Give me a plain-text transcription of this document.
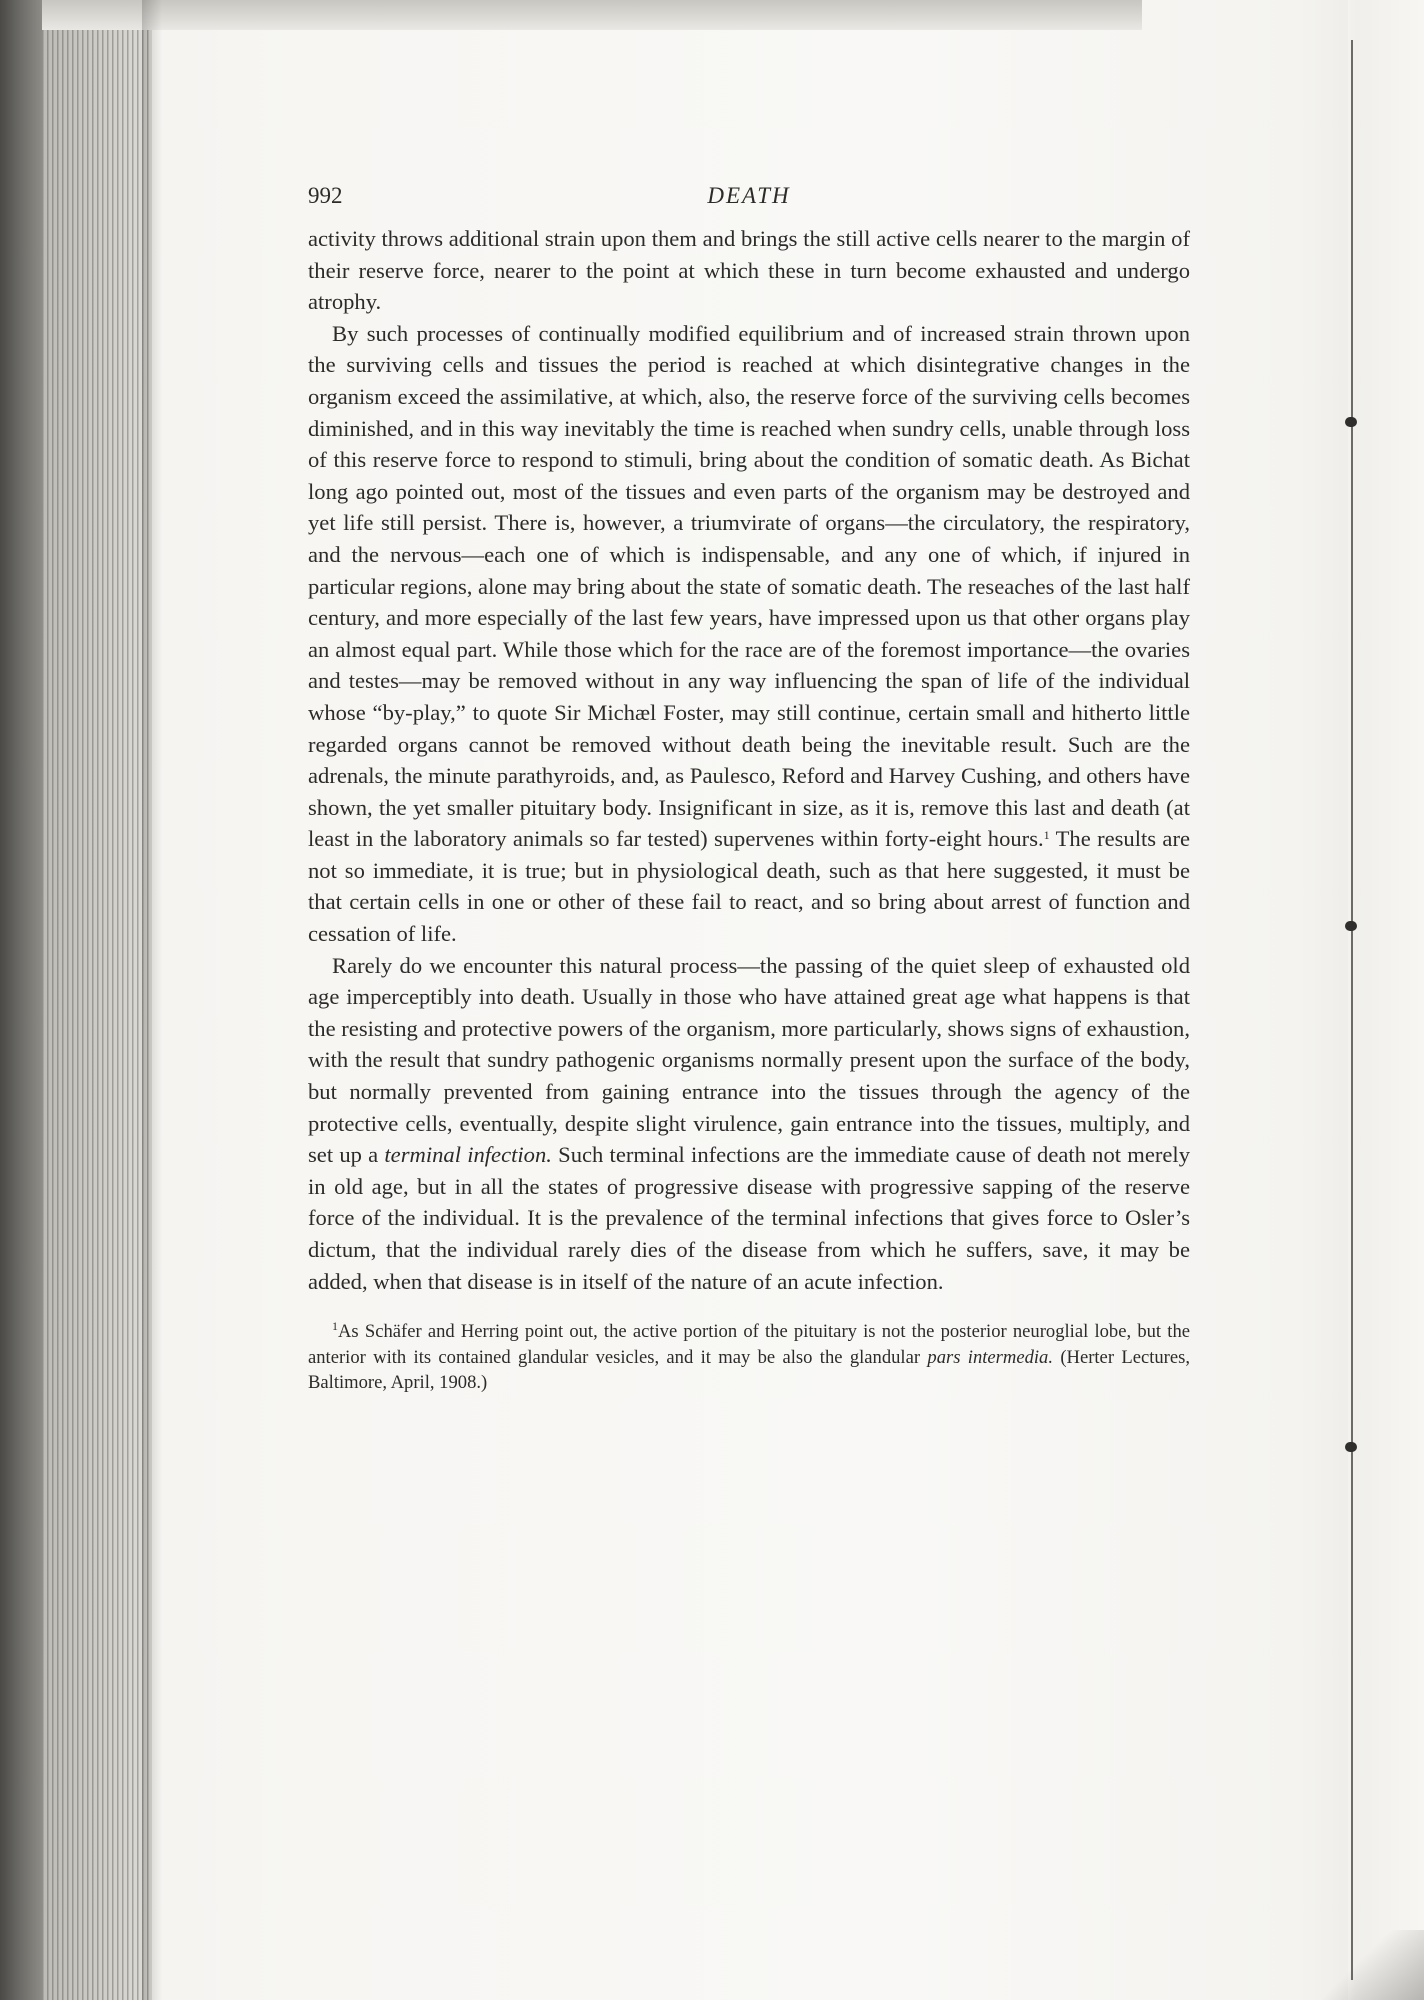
992	DEATH

activity throws additional strain upon them and brings the still active cells nearer to the margin of their reserve force, nearer to the point at which these in turn become exhausted and undergo atrophy.

By such processes of continually modified equilibrium and of increased strain thrown upon the surviving cells and tissues the period is reached at which disintegrative changes in the organism exceed the assimilative, at which, also, the reserve force of the surviving cells becomes diminished, and in this way inevitably the time is reached when sundry cells, unable through loss of this reserve force to respond to stimuli, bring about the condition of somatic death. As Bichat long ago pointed out, most of the tissues and even parts of the organism may be destroyed and yet life still persist. There is, however, a triumvirate of organs—the circulatory, the respiratory, and the nervous—each one of which is indispensable, and any one of which, if injured in particular regions, alone may bring about the state of somatic death. The reseaches of the last half century, and more especially of the last few years, have impressed upon us that other organs play an almost equal part. While those which for the race are of the foremost importance—the ovaries and testes—may be removed without in any way influencing the span of life of the individual whose “by-play,” to quote Sir Michæl Foster, may still continue, certain small and hitherto little regarded organs cannot be removed without death being the inevitable result. Such are the adrenals, the minute parathyroids, and, as Paulesco, Reford and Harvey Cushing, and others have shown, the yet smaller pituitary body. Insignificant in size, as it is, remove this last and death (at least in the laboratory animals so far tested) supervenes within forty-eight hours.$^1$ The results are not so immediate, it is true; but in physiological death, such as that here suggested, it must be that certain cells in one or other of these fail to react, and so bring about arrest of function and cessation of life.

Rarely do we encounter this natural process—the passing of the quiet sleep of exhausted old age imperceptibly into death. Usually in those who have attained great age what happens is that the resisting and protective powers of the organism, more particularly, shows signs of exhaustion, with the result that sundry pathogenic organisms normally present upon the surface of the body, but normally prevented from gaining entrance into the tissues through the agency of the protective cells, eventually, despite slight virulence, gain entrance into the tissues, multiply, and set up a terminal infection. Such terminal infections are the immediate cause of death not merely in old age, but in all the states of progressive disease with progressive sapping of the reserve force of the individual. It is the prevalence of the terminal infections that gives force to Osler’s dictum, that the individual rarely dies of the disease from which he suffers, save, it may be added, when that disease is in itself of the nature of an acute infection.

$^1$As Schäfer and Herring point out, the active portion of the pituitary is not the posterior neuroglial lobe, but the anterior with its contained glandular vesicles, and it may be also the glandular pars intermedia. (Herter Lectures, Baltimore, April, 1908.)
